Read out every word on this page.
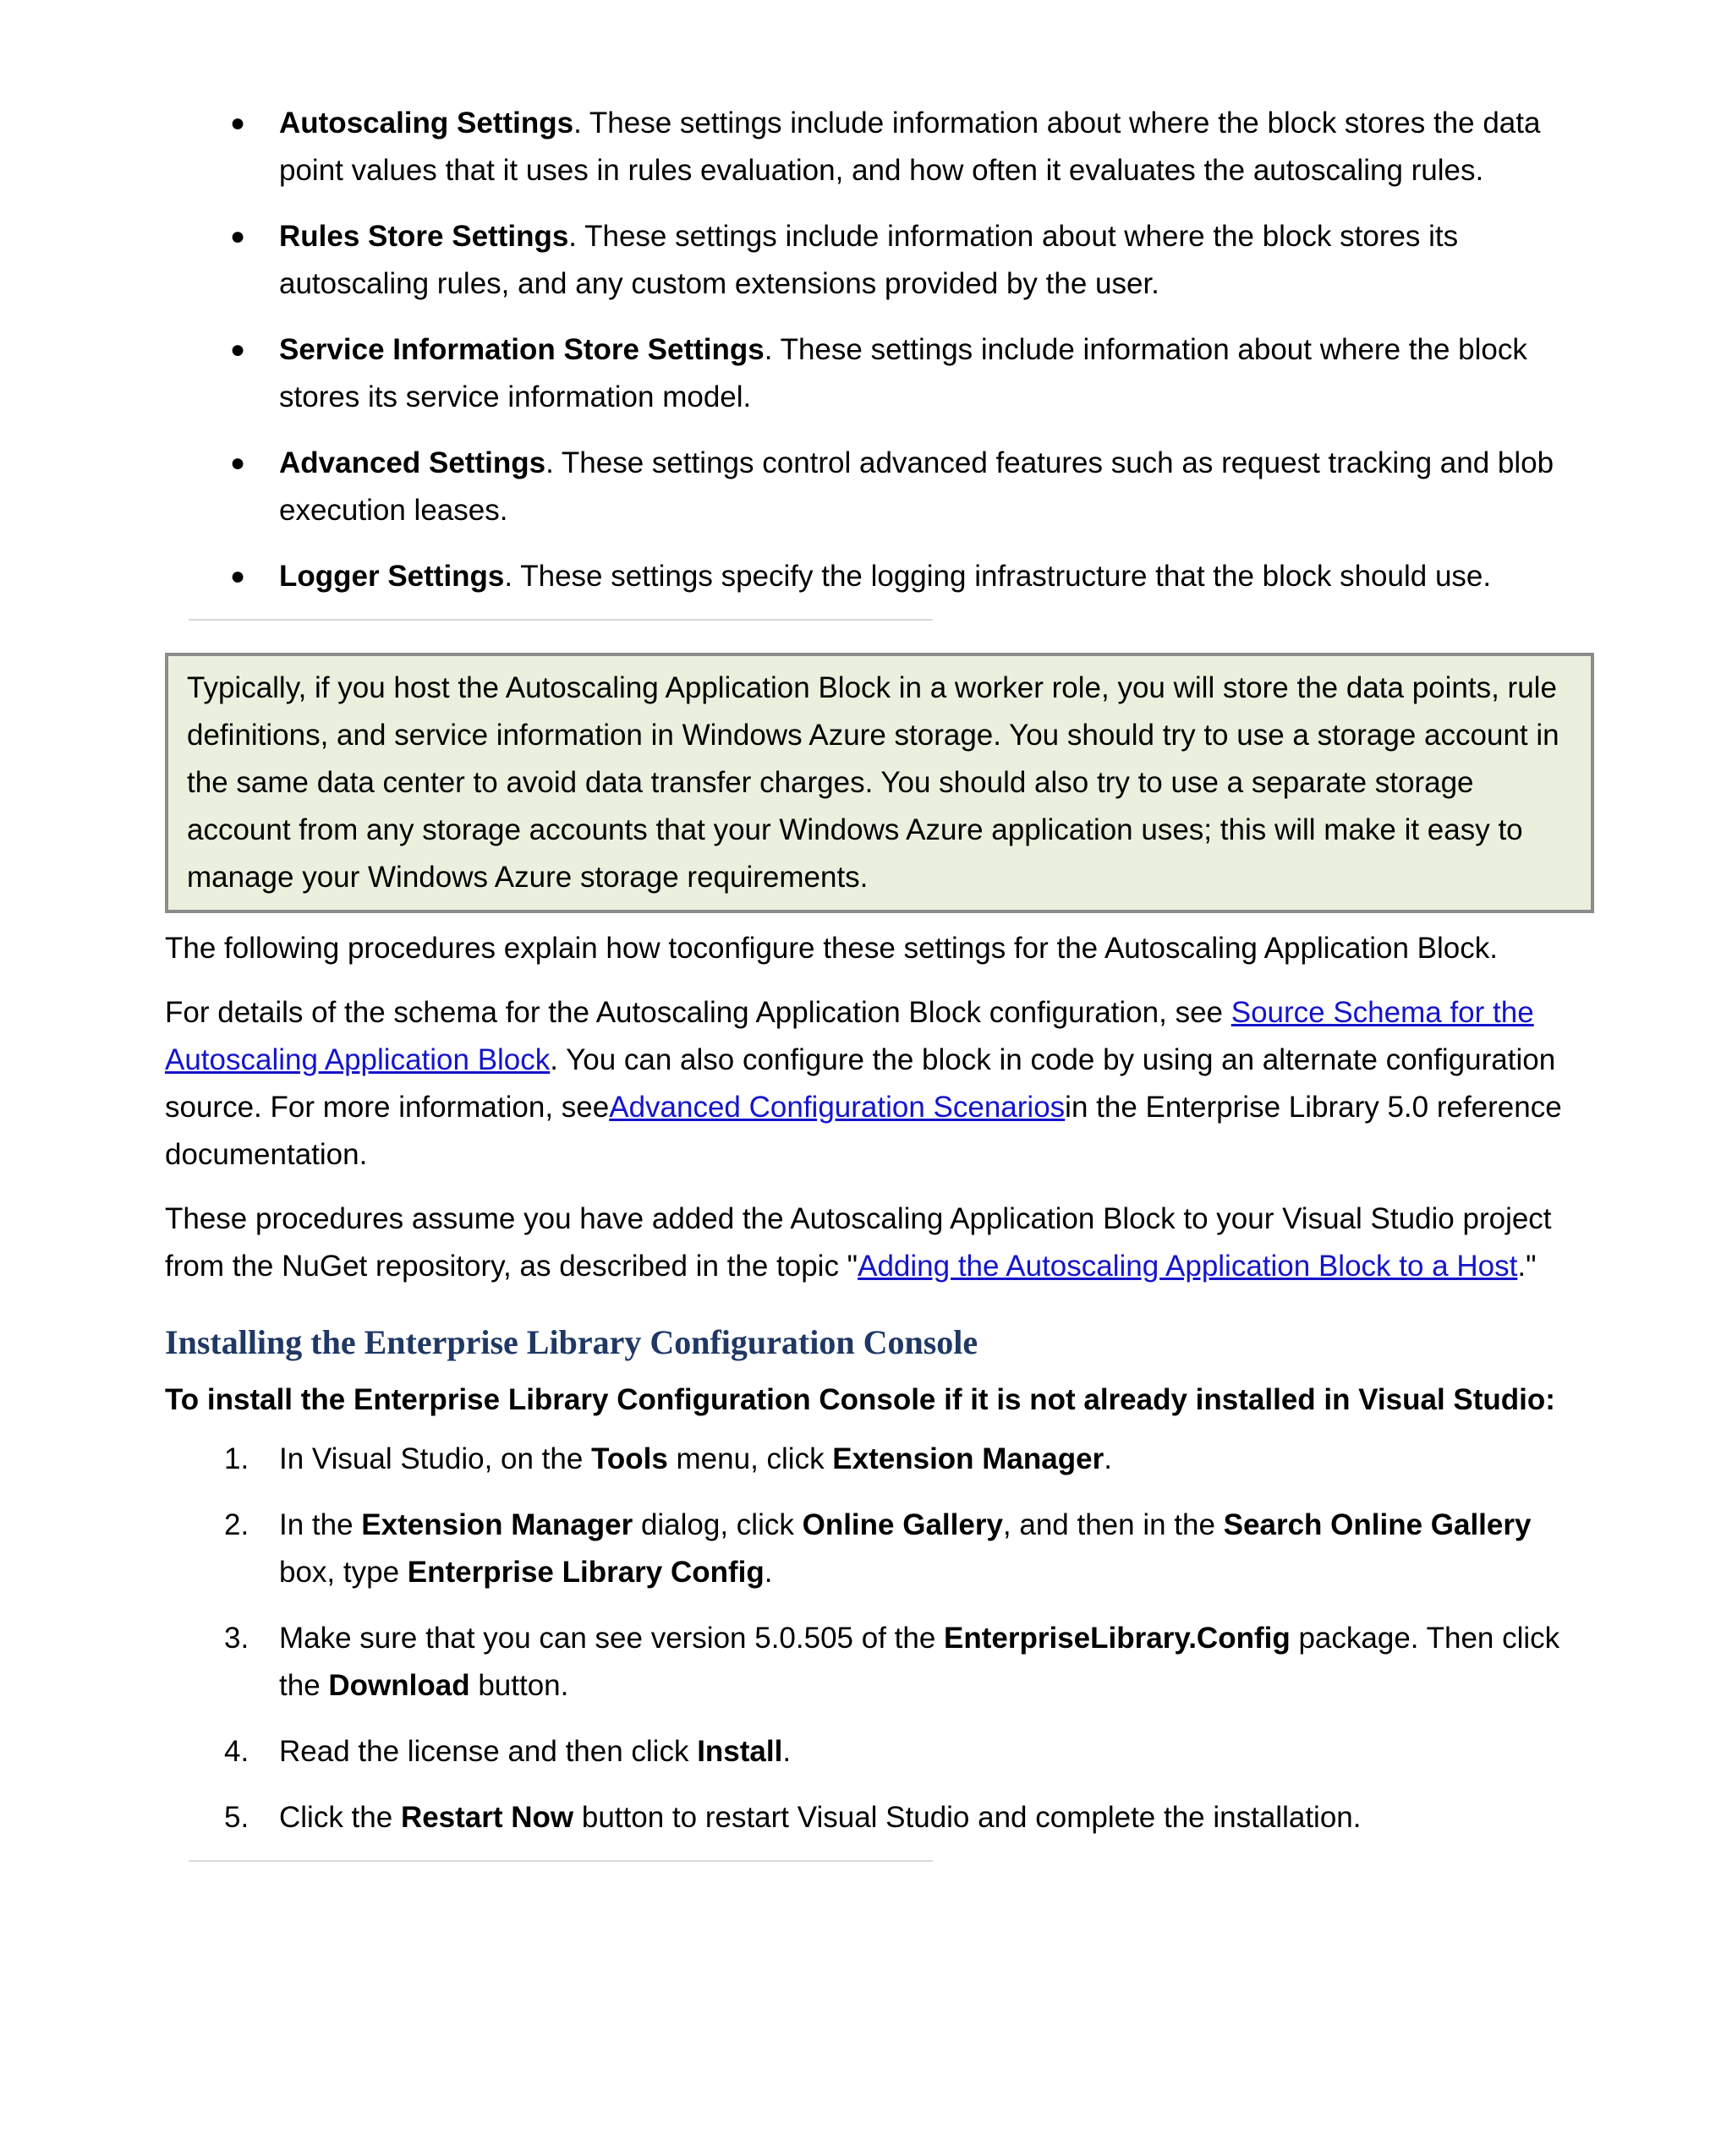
● Autoscaling Settings. These settings include information about where the block stores the data point values that it uses in rules evaluation, and how often it evaluates the autoscaling rules.
● Rules Store Settings. These settings include information about where the block stores its autoscaling rules, and any custom extensions provided by the user.
● Service Information Store Settings. These settings include information about where the block stores its service information model.
● Advanced Settings. These settings control advanced features such as request tracking and blob execution leases.
● Logger Settings. These settings specify the logging infrastructure that the block should use.
Typically, if you host the Autoscaling Application Block in a worker role, you will store the data points, rule definitions, and service information in Windows Azure storage. You should try to use a storage account in the same data center to avoid data transfer charges. You should also try to use a separate storage account from any storage accounts that your Windows Azure application uses; this will make it easy to manage your Windows Azure storage requirements.

The following procedures explain how toconfigure these settings for the Autoscaling Application Block.

For details of the schema for the Autoscaling Application Block configuration, see Source Schema for the Autoscaling Application Block. You can also configure the block in code by using an alternate configuration source. For more information, seeAdvanced Configuration Scenariosin the Enterprise Library 5.0 reference documentation.

These procedures assume you have added the Autoscaling Application Block to your Visual Studio project from the NuGet repository, as described in the topic "Adding the Autoscaling Application Block to a Host."

Installing the Enterprise Library Configuration Console

To install the Enterprise Library Configuration Console if it is not already installed in Visual Studio:

1. In Visual Studio, on the Tools menu, click Extension Manager.
2. In the Extension Manager dialog, click Online Gallery, and then in the Search Online Gallery box, type Enterprise Library Config.
3. Make sure that you can see version 5.0.505 of the EnterpriseLibrary.Config package. Then click the Download button.
4. Read the license and then click Install.
5. Click the Restart Now button to restart Visual Studio and complete the installation.
